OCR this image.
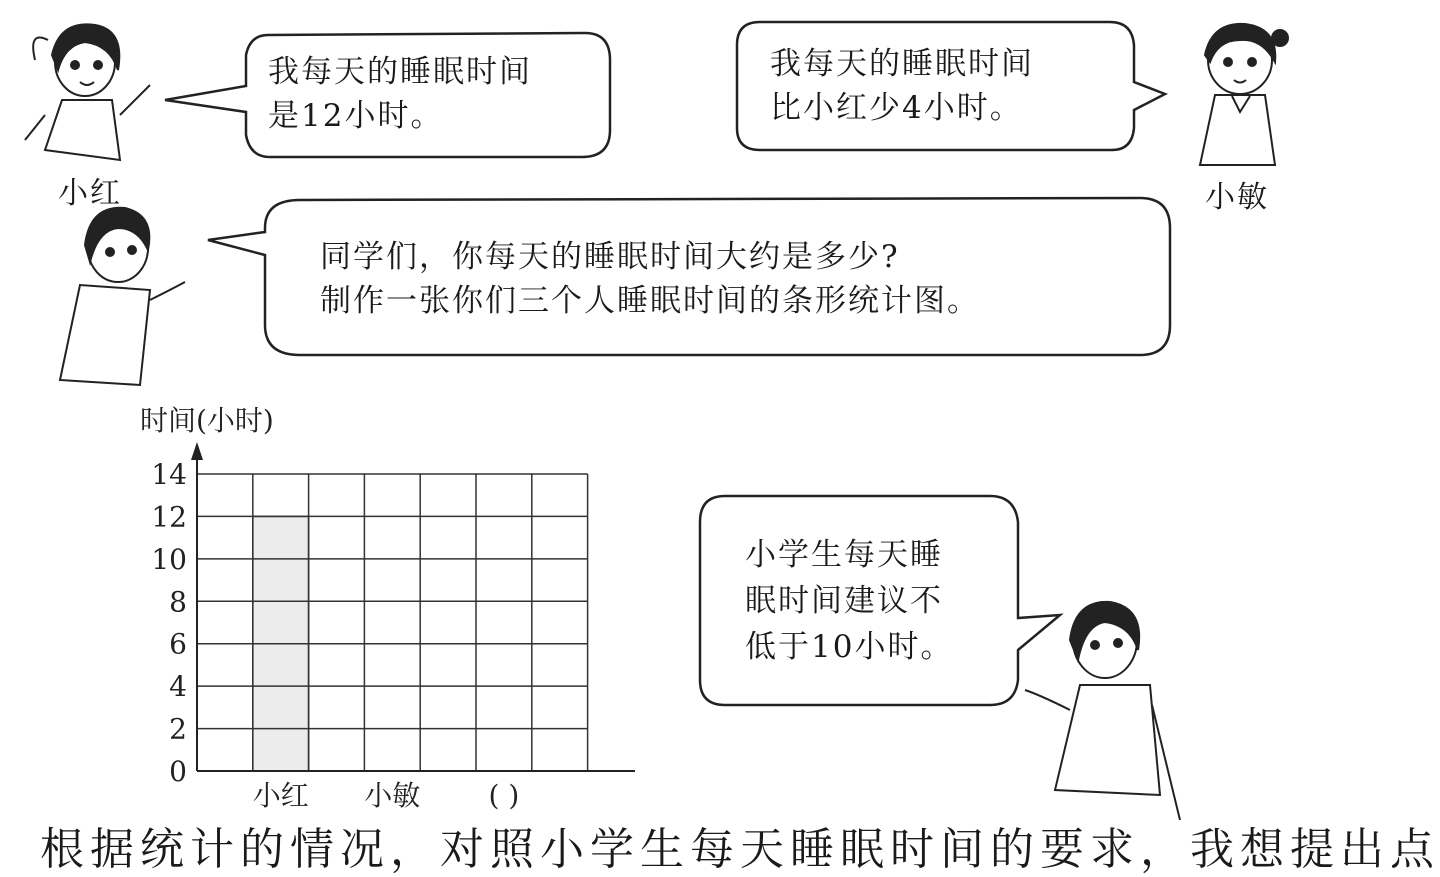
我每天的睡眠时间
是12小时。
小红
我每天的睡眠时间
比小红少4小时。
小敏
同学们，你每天的睡眠时间大约是多少?
制作一张你们三个人睡眠时间的条形统计图。
0
2
4
6
8
10
12
14
时间(小时)
小红 小敏 ( )
小学生每天睡
眠时间建议不
低于10小时。
根据统计的情况，对照小学生每天睡眠时间的要求，我想提出点
